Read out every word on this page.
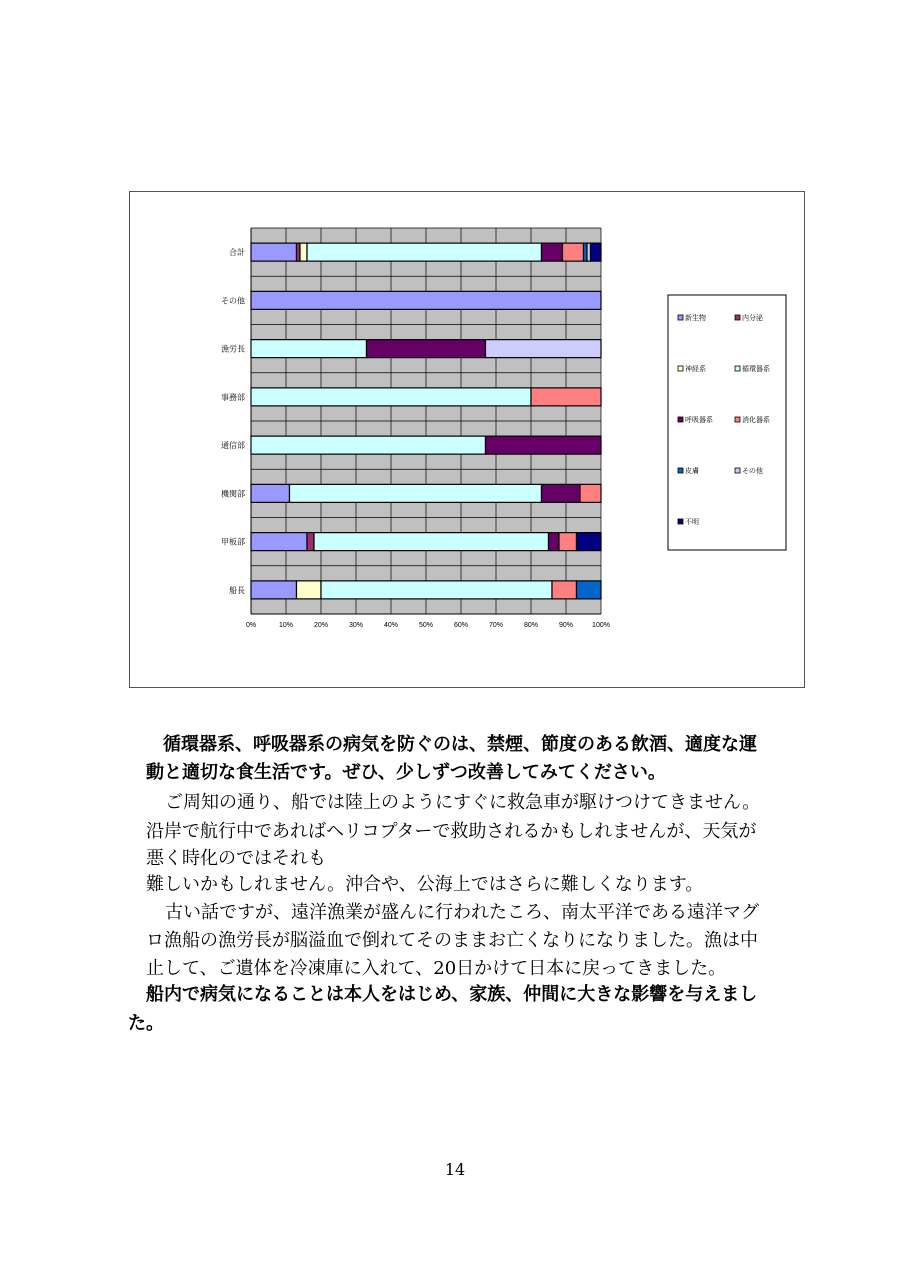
0%	10%	20%	30%	40%	50%	60%	70%	80%	90%	100%
合計
その他
漁労長
事務部
通信部
機関部
甲板部
船長
新生物	内分泌
神経系	循環器系
呼吸器系	消化器系
皮膚	その他
不明
循環器系、呼吸器系の病気を防ぐのは、禁煙、節度のある飲酒、適度な運
動と適切な食生活です。ぜひ、少しずつ改善してみてください。
ご周知の通り、船では陸上のようにすぐに救急車が駆けつけてきません。
沿岸で航行中であればヘリコプターで救助されるかもしれませんが、天気が
悪く時化のではそれも
難しいかもしれません。沖合や、公海上ではさらに難しくなります。
古い話ですが、遠洋漁業が盛んに行われたころ、南太平洋である遠洋マグ
ロ漁船の漁労長が脳溢血で倒れてそのままお亡くなりになりました。漁は中
止して、ご遺体を冷凍庫に入れて、20日かけて日本に戻ってきました。
船内で病気になることは本人をはじめ、家族、仲間に大きな影響を与えまし
た。
14
